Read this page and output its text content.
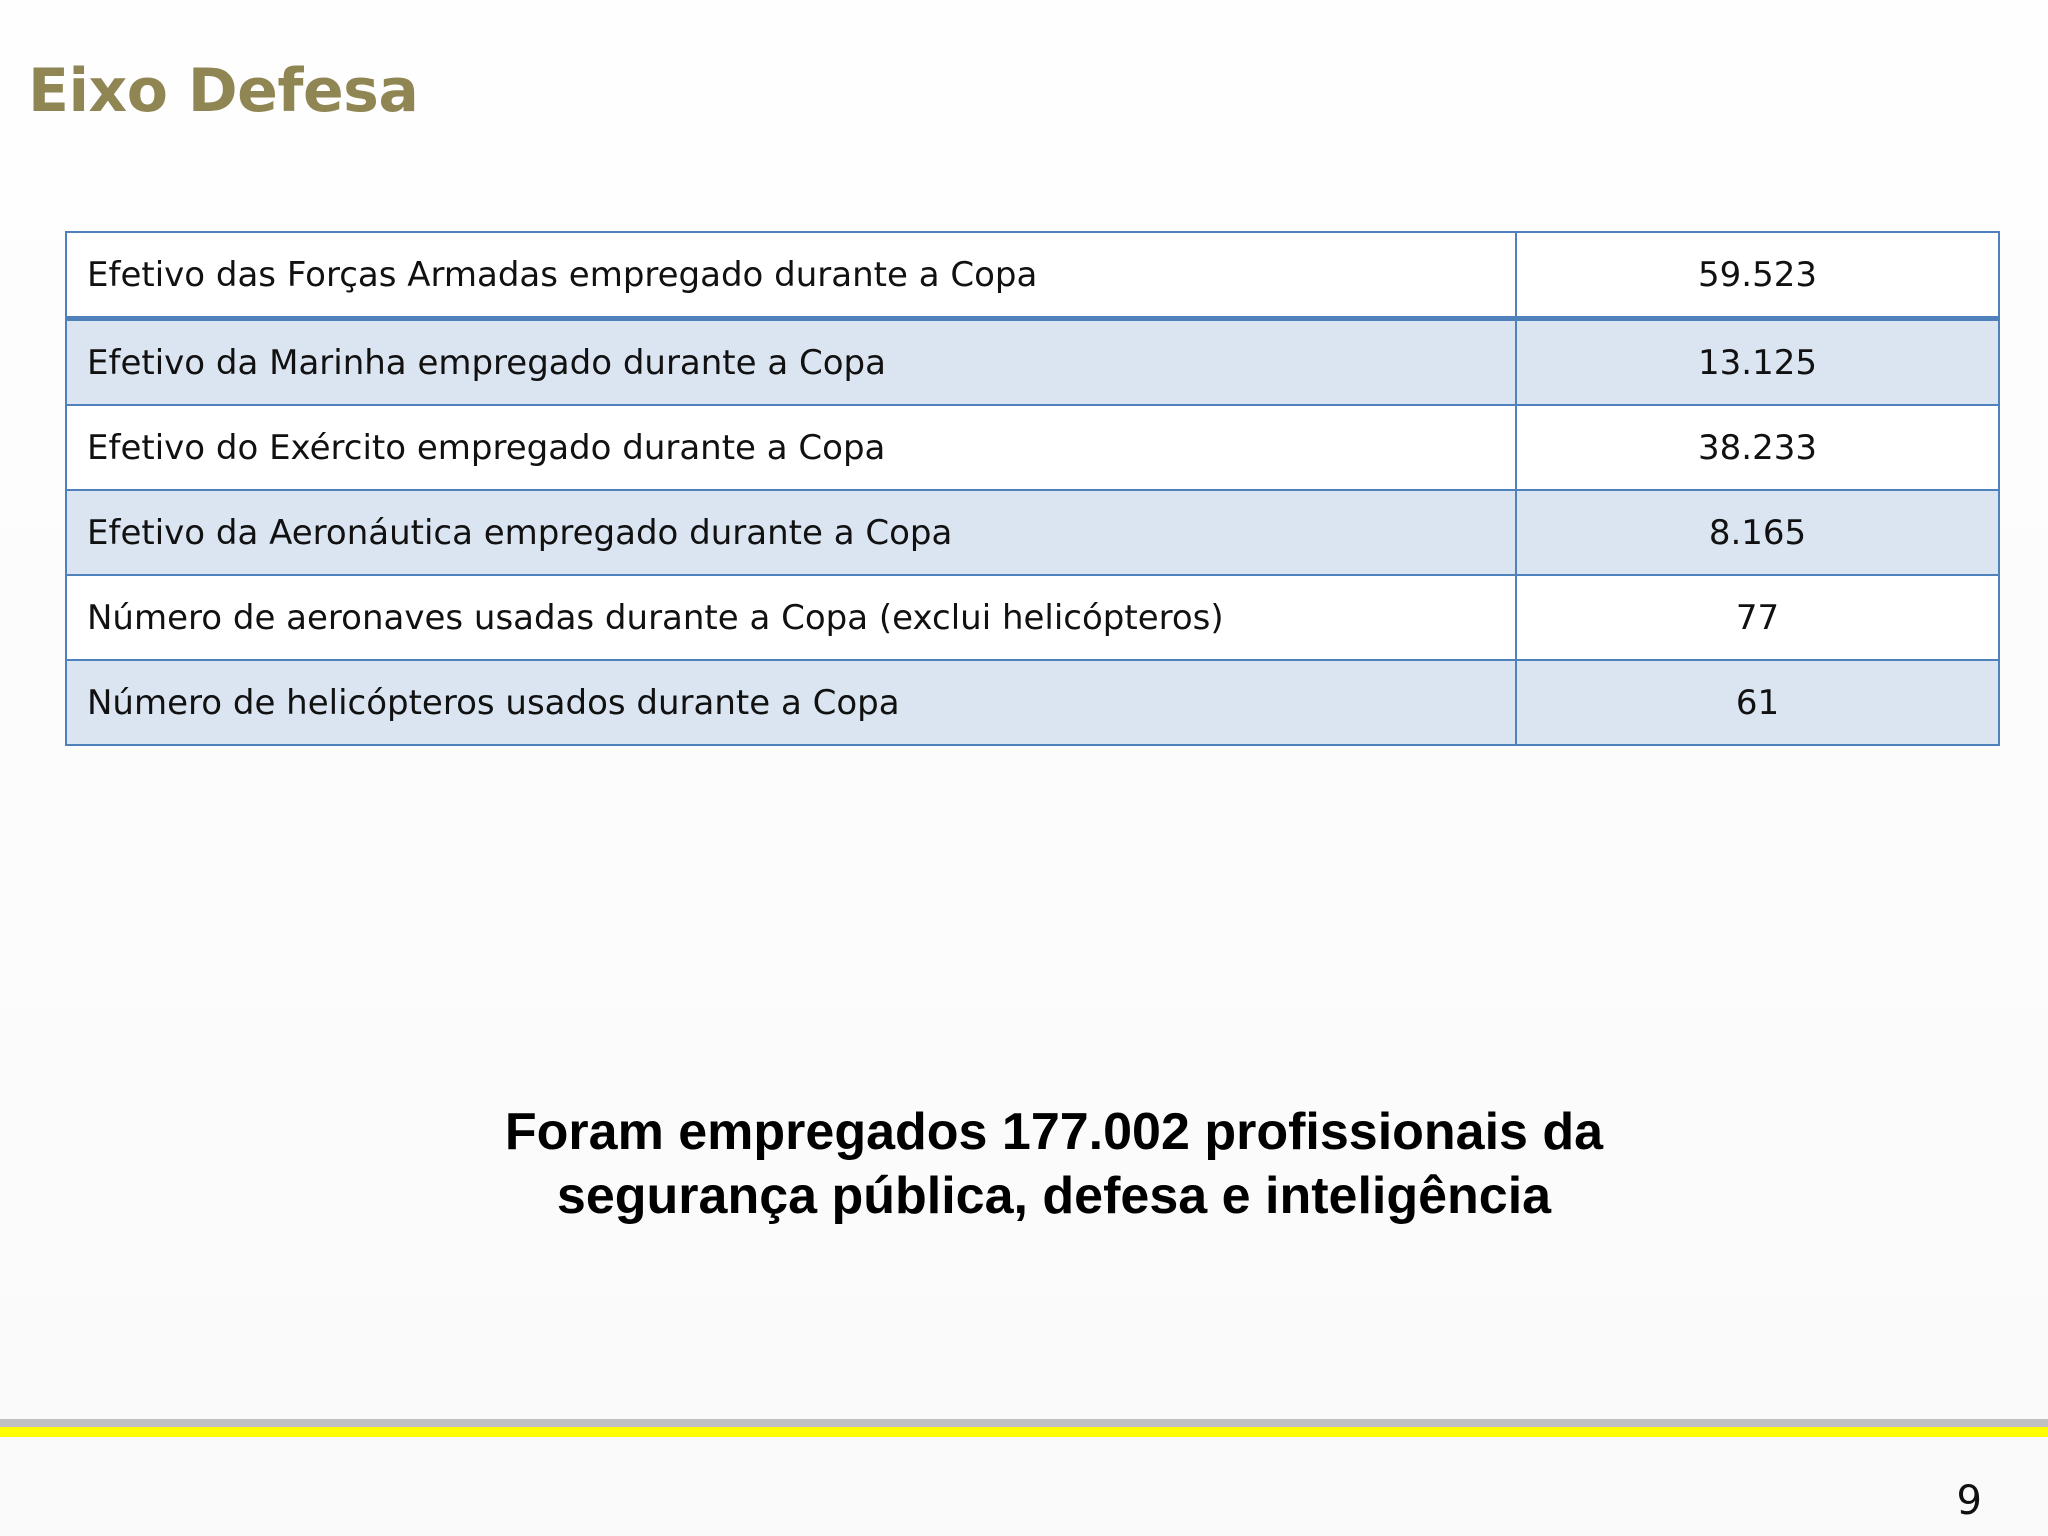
Eixo Defesa
Efetivo das Forças Armadas empregado durante a Copa	59.523
Efetivo da Marinha empregado durante a Copa	13.125
Efetivo do Exército empregado durante a Copa	38.233
Efetivo da Aeronáutica empregado durante a Copa	8.165
Número de aeronaves usadas durante a Copa (exclui helicópteros)	77
Número de helicópteros usados durante a Copa	61
Foram empregados 177.002 profissionais da
segurança pública, defesa e inteligência
9
